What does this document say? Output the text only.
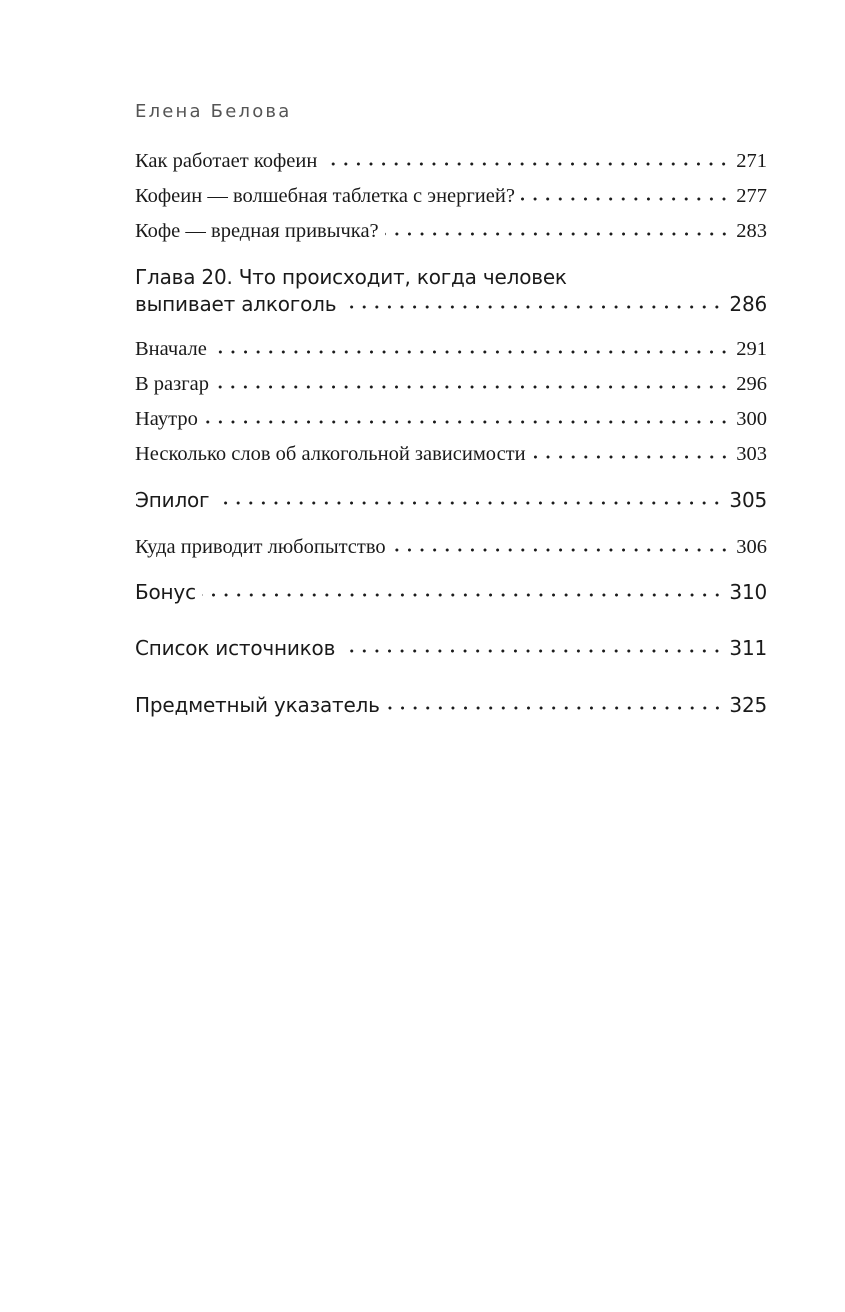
Елена Белова
Как работает кофеин	271
Кофеин — волшебная таблетка с энергией?	277
Кофе — вредная привычка?	283
Глава 20. Что происходит, когда человек
выпивает алкоголь	286
Вначале	291
В разгар	296
Наутро	300
Несколько слов об алкогольной зависимости	303
Эпилог	305
Куда приводит любопытство	306
Бонус	310
Список источников	311
Предметный указатель	325
